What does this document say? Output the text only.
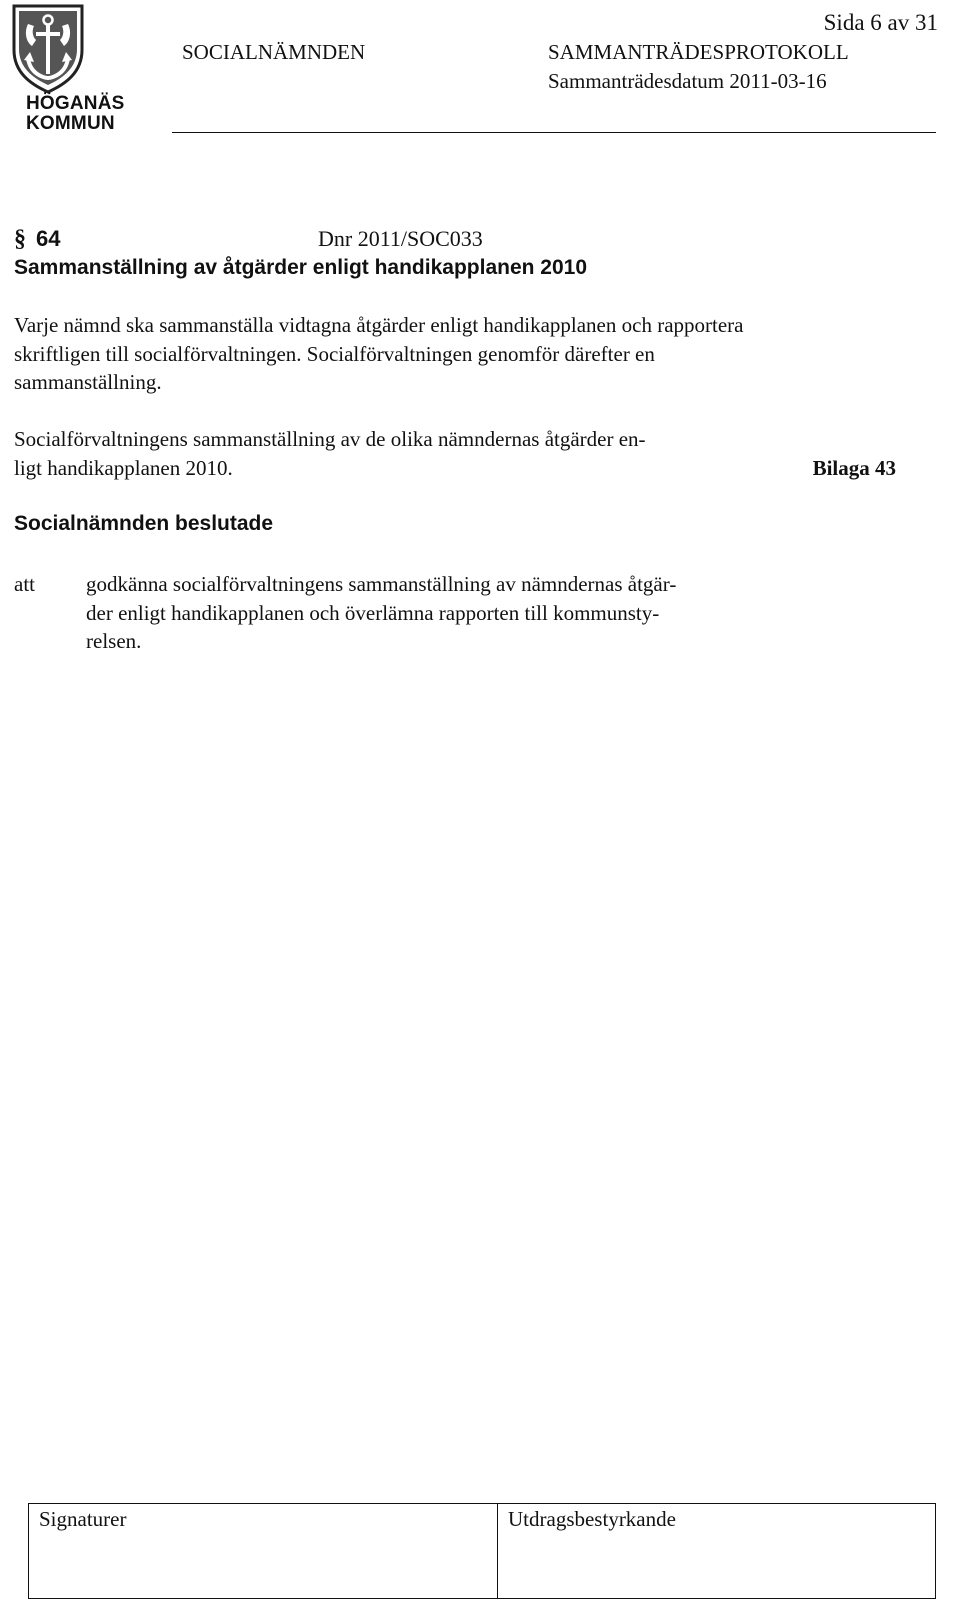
HÖGANÄS
KOMMUN
Sida 6 av 31
SOCIALNÄMNDEN	SAMMANTRÄDESPROTOKOLL
Sammanträdesdatum 2011-03-16
§ 64	Dnr 2011/SOC033
Sammanställning av åtgärder enligt handikapplanen 2010
Varje nämnd ska sammanställa vidtagna åtgärder enligt handikapplanen och rapportera skriftligen till socialförvaltningen. Socialförvaltningen genomför därefter en sammanställning.
Socialförvaltningens sammanställning av de olika nämndernas åtgärder en-
ligt handikapplanen 2010.	Bilaga 43
Socialnämnden beslutade
att godkänna socialförvaltningens sammanställning av nämndernas åtgär-
der enligt handikapplanen och överlämna rapporten till kommunsty-
relsen.
Signaturer	Utdragsbestyrkande
